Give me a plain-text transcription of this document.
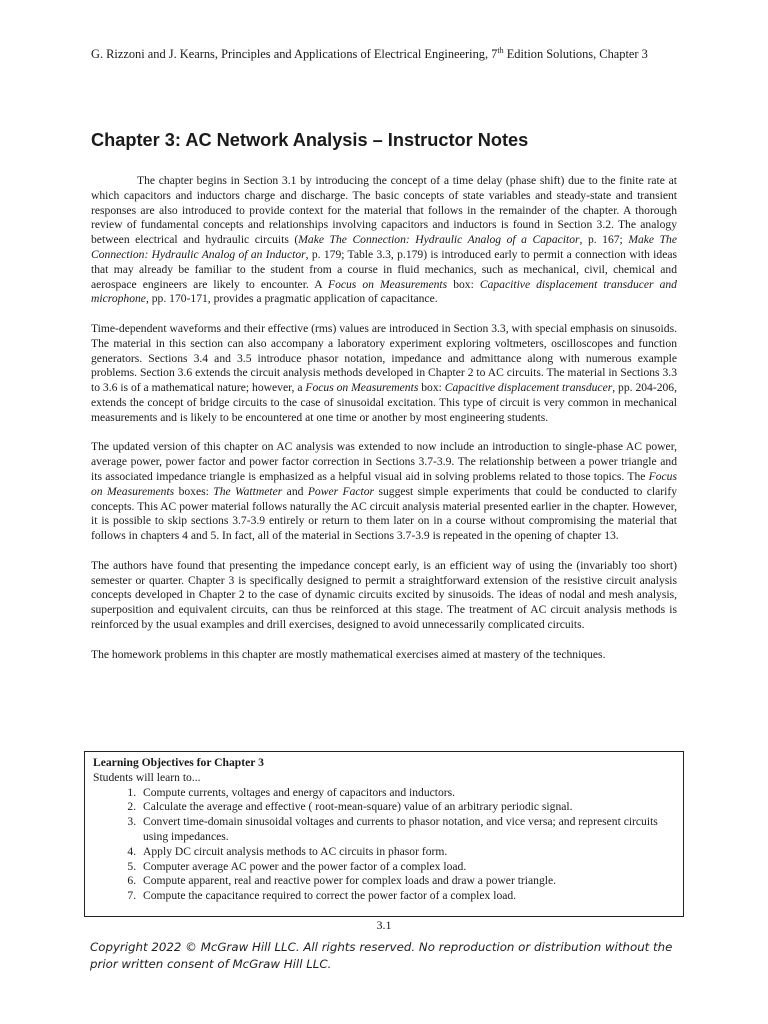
G. Rizzoni and J. Kearns, Principles and Applications of Electrical Engineering, 7th Edition Solutions, Chapter 3
Chapter 3: AC Network Analysis – Instructor Notes

The chapter begins in Section 3.1 by introducing the concept of a time delay (phase shift) due to the finite rate at which capacitors and inductors charge and discharge. The basic concepts of state variables and steady-state and transient responses are also introduced to provide context for the material that follows in the remainder of the chapter. A thorough review of fundamental concepts and relationships involving capacitors and inductors is found in Section 3.2. The analogy between electrical and hydraulic circuits (Make The Connection: Hydraulic Analog of a Capacitor, p. 167; Make The Connection: Hydraulic Analog of an Inductor, p. 179; Table 3.3, p.179) is introduced early to permit a connection with ideas that may already be familiar to the student from a course in fluid mechanics, such as mechanical, civil, chemical and aerospace engineers are likely to encounter. A Focus on Measurements box: Capacitive displacement transducer and microphone, pp. 170-171, provides a pragmatic application of capacitance.

Time-dependent waveforms and their effective (rms) values are introduced in Section 3.3, with special emphasis on sinusoids. The material in this section can also accompany a laboratory experiment exploring voltmeters, oscilloscopes and function generators. Sections 3.4 and 3.5 introduce phasor notation, impedance and admittance along with numerous example problems. Section 3.6 extends the circuit analysis methods developed in Chapter 2 to AC circuits. The material in Sections 3.3 to 3.6 is of a mathematical nature; however, a Focus on Measurements box: Capacitive displacement transducer, pp. 204-206, extends the concept of bridge circuits to the case of sinusoidal excitation. This type of circuit is very common in mechanical measurements and is likely to be encountered at one time or another by most engineering students.

The updated version of this chapter on AC analysis was extended to now include an introduction to single-phase AC power, average power, power factor and power factor correction in Sections 3.7-3.9. The relationship between a power triangle and its associated impedance triangle is emphasized as a helpful visual aid in solving problems related to those topics. The Focus on Measurements boxes: The Wattmeter and Power Factor suggest simple experiments that could be conducted to clarify concepts. This AC power material follows naturally the AC circuit analysis material presented earlier in the chapter. However, it is possible to skip sections 3.7-3.9 entirely or return to them later on in a course without compromising the material that follows in chapters 4 and 5. In fact, all of the material in Sections 3.7-3.9 is repeated in the opening of chapter 13.

The authors have found that presenting the impedance concept early, is an efficient way of using the (invariably too short) semester or quarter. Chapter 3 is specifically designed to permit a straightforward extension of the resistive circuit analysis concepts developed in Chapter 2 to the case of dynamic circuits excited by sinusoids. The ideas of nodal and mesh analysis, superposition and equivalent circuits, can thus be reinforced at this stage. The treatment of AC circuit analysis methods is reinforced by the usual examples and drill exercises, designed to avoid unnecessarily complicated circuits.

The homework problems in this chapter are mostly mathematical exercises aimed at mastery of the techniques.

Learning Objectives for Chapter 3
Students will learn to...
1. Compute currents, voltages and energy of capacitors and inductors.
2. Calculate the average and effective ( root-mean-square) value of an arbitrary periodic signal.
3. Convert time-domain sinusoidal voltages and currents to phasor notation, and vice versa; and represent circuits using impedances.
4. Apply DC circuit analysis methods to AC circuits in phasor form.
5. Computer average AC power and the power factor of a complex load.
6. Compute apparent, real and reactive power for complex loads and draw a power triangle.
7. Compute the capacitance required to correct the power factor of a complex load.
3.1
Copyright 2022 © McGraw Hill LLC. All rights reserved. No reproduction or distribution without the prior written consent of McGraw Hill LLC.
